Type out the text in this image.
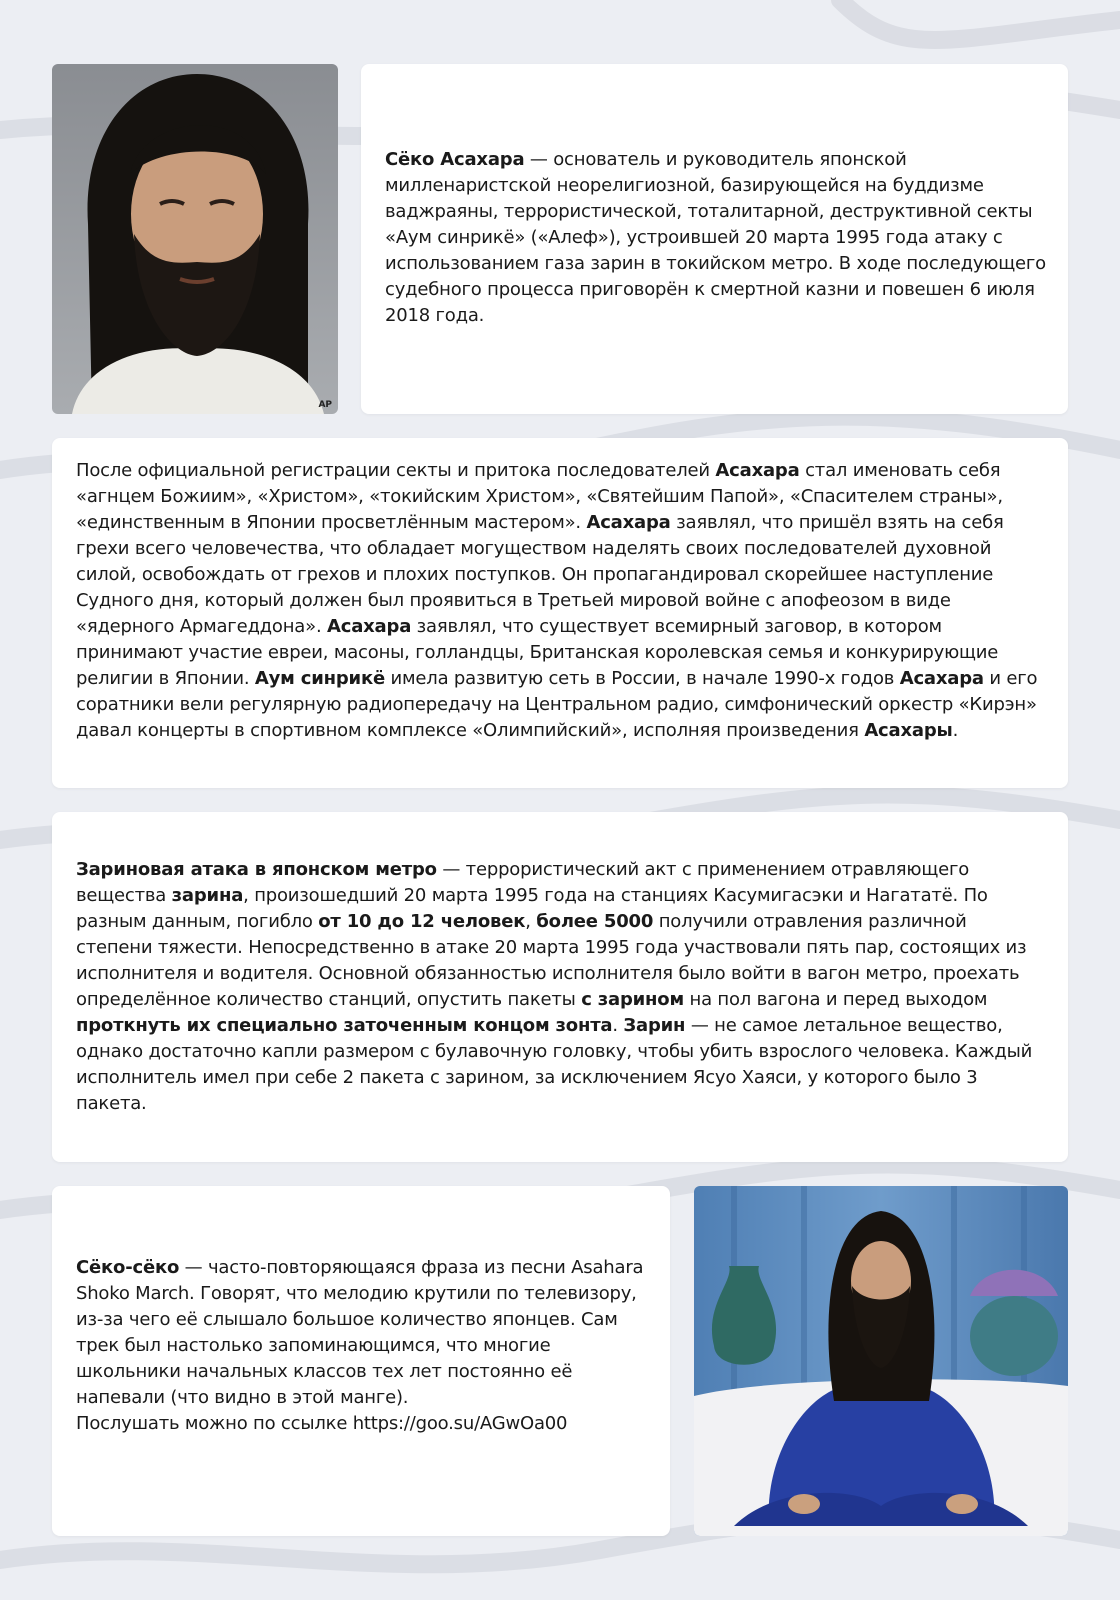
AP

Сёко Асахара — основатель и руководитель японской милленаристской неорелигиозной, базирующейся на буддизме ваджраяны, террористической, тоталитарной, деструктивной секты «Аум синрикё» («Алеф»), устроившей 20 марта 1995 года атаку с использованием газа зарин в токийском метро. В ходе последующего судебного процесса приговорён к смертной казни и повешен 6 июля 2018 года.

После официальной регистрации секты и притока последователей Асахара стал именовать себя «агнцем Божиим», «Христом», «токийским Христом», «Святейшим Папой», «Спасителем страны», «единственным в Японии просветлённым мастером». Асахара заявлял, что пришёл взять на себя грехи всего человечества, что обладает могуществом наделять своих последователей духовной силой, освобождать от грехов и плохих поступков. Он пропагандировал скорейшее наступление Судного дня, который должен был проявиться в Третьей мировой войне с апофеозом в виде «ядерного Армагеддона». Асахара заявлял, что существует всемирный заговор, в котором принимают участие евреи, масоны, голландцы, Британская королевская семья и конкурирующие религии в Японии. Аум синрикё имела развитую сеть в России, в начале 1990-х годов Асахара и его соратники вели регулярную радиопередачу на Центральном радио, симфонический оркестр «Кирэн» давал концерты в спортивном комплексе «Олимпийский», исполняя произведения Асахары.

Зариновая атака в японском метро — террористический акт с применением отравляющего вещества зарина, произошедший 20 марта 1995 года на станциях Касумигасэки и Нагататё. По разным данным, погибло от 10 до 12 человек, более 5000 получили отравления различной степени тяжести. Непосредственно в атаке 20 марта 1995 года участвовали пять пар, состоящих из исполнителя и водителя. Основной обязанностью исполнителя было войти в вагон метро, проехать определённое количество станций, опустить пакеты с зарином на пол вагона и перед выходом проткнуть их специально заточенным концом зонта. Зарин — не самое летальное вещество, однако достаточно капли размером с булавочную головку, чтобы убить взрослого человека. Каждый исполнитель имел при себе 2 пакета с зарином, за исключением Ясуо Хаяси, у которого было 3 пакета.

Сёко-сёко — часто-повторяющаяся фраза из песни Asahara Shoko March. Говорят, что мелодию крутили по телевизору, из-за чего её слышало большое количество японцев. Сам трек был настолько запоминающимся, что многие школьники начальных классов тех лет постоянно её напевали (что видно в этой манге).

Послушать можно по ссылке https://goo.su/AGwOa00
